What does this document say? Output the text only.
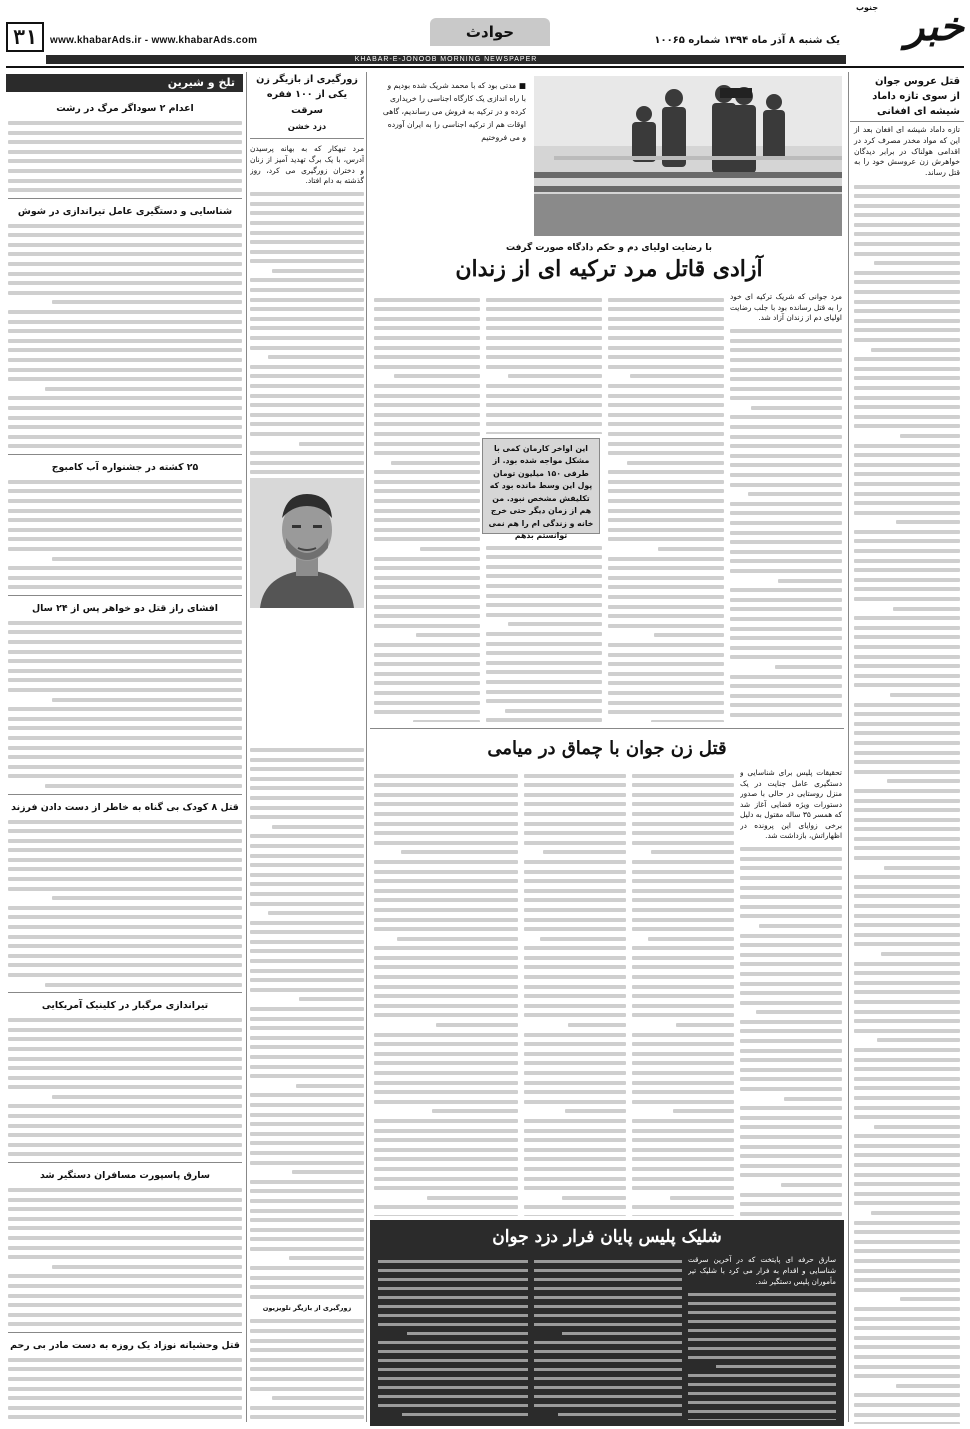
۳۱	www.khabarAds.ir - www.khabarAds.com	حوادث	یک شنبه ۸ آذر ماه ۱۳۹۴ شماره ۱۰۰۶۵ خبر
جنوب
KHABAR-E-JONOOB MORNING NEWSPAPER
قتل عروس جوان
از سوی تازه داماد
شیشه ای افغانی

تازه داماد شیشه ای افغان بعد از این که مواد مخدر مصرف کرد در اقدامی هولناک در برابر دیدگان خواهرش زن عروسش خود را به قتل رساند.

■ مدتی بود که با محمد شریک شده بودیم و با راه اندازی یک کارگاه اجناسی را خریداری کرده و در ترکیه به فروش می رساندیم، گاهی اوقات هم از ترکیه اجناسی را به ایران آورده و می فروختیم
با رضایت اولیای دم و حکم دادگاه صورت گرفت
آزادی قاتل مرد ترکیه ای از زندان

مرد جوانی که شریک ترکیه ای خود را به قتل رسانده بود با جلب رضایت اولیای دم از زندان آزاد شد.

این اواخر کارمان کمی با مشکل مواجه شده بود. از طرفی ۱۵۰ میلیون تومان پول این وسط مانده بود که تکلیفش مشخص نبود. من هم از زمان دیگر حتی خرج خانه و زندگی ام را هم نمی توانستم بدهم
قتل زن جوان با چماق در میامی

تحقیقات پلیس برای شناسایی و دستگیری عامل جنایت در یک منزل روستایی در حالی با صدور دستورات ویژه قضایی آغاز شد که همسر ۳۵ ساله مقتول به دلیل برخی زوایای این پرونده در اظهاراتش، بازداشت شد.

شلیک پلیس پایان فرار دزد جوان

سارق حرفه ای پایتخت که در آخرین سرقت شناسایی و اقدام به فرار می کرد با شلیک تیر مأموران پلیس دستگیر شد.

زورگیری از بازیگر زن
یکی از ۱۰۰ فقره سرقت
دزد خشن

مرد تبهکار که به بهانه پرسیدن آدرس، با یک برگ تهدید آمیز از زنان و دختران زورگیری می کرد، روز گذشته به دام افتاد.

زورگیری از بازیگر تلویزیون
تلخ و شیرین
اعدام ۲ سوداگر مرگ در رشت
شناسایی و دستگیری عامل تیراندازی در شوش
۲۵ کشته در جشنواره آب کامبوج
افشای راز قتل دو خواهر پس از ۲۴ سال
قتل ۸ کودک بی گناه به خاطر از دست دادن فرزند
تیراندازی مرگبار در کلینیک آمریکایی
سارق پاسپورت مسافران دستگیر شد
قتل وحشیانه نوزاد یک روزه به دست مادر بی رحم
